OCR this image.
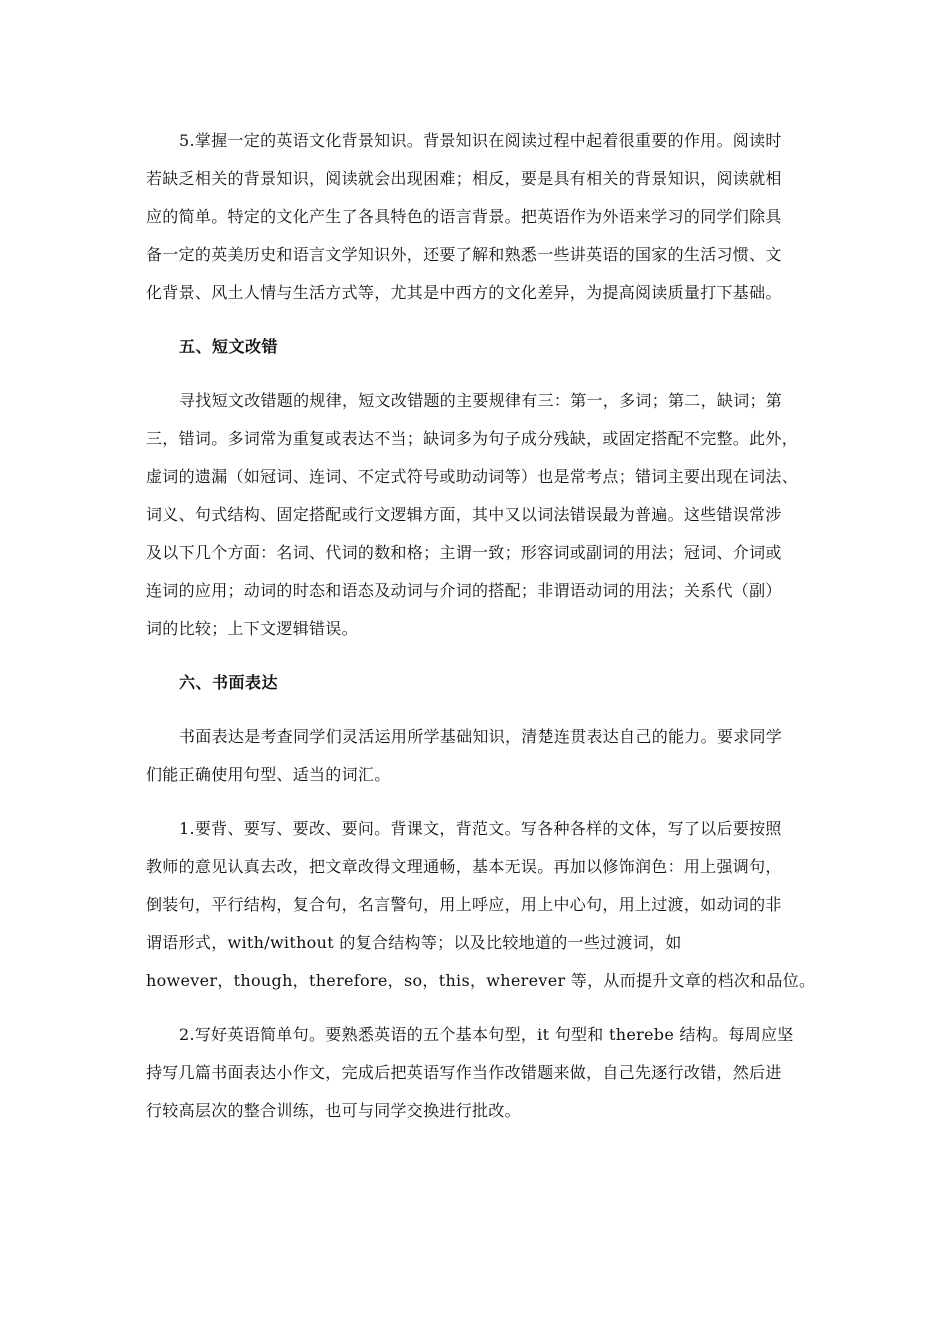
5.掌握一定的英语文化背景知识。背景知识在阅读过程中起着很重要的作用。阅读时
若缺乏相关的背景知识，阅读就会出现困难；相反，要是具有相关的背景知识，阅读就相
应的简单。特定的文化产生了各具特色的语言背景。把英语作为外语来学习的同学们除具
备一定的英美历史和语言文学知识外，还要了解和熟悉一些讲英语的国家的生活习惯、文
化背景、风土人情与生活方式等，尤其是中西方的文化差异，为提高阅读质量打下基础。

五、短文改错

寻找短文改错题的规律，短文改错题的主要规律有三：第一，多词；第二，缺词；第
三，错词。多词常为重复或表达不当；缺词多为句子成分残缺，或固定搭配不完整。此外，
虚词的遗漏（如冠词、连词、不定式符号或助动词等）也是常考点；错词主要出现在词法、
词义、句式结构、固定搭配或行文逻辑方面，其中又以词法错误最为普遍。这些错误常涉
及以下几个方面：名词、代词的数和格；主谓一致；形容词或副词的用法；冠词、介词或
连词的应用；动词的时态和语态及动词与介词的搭配；非谓语动词的用法；关系代（副）
词的比较；上下文逻辑错误。

六、书面表达

书面表达是考查同学们灵活运用所学基础知识，清楚连贯表达自己的能力。要求同学
们能正确使用句型、适当的词汇。

1.要背、要写、要改、要问。背课文，背范文。写各种各样的文体，写了以后要按照
教师的意见认真去改，把文章改得文理通畅，基本无误。再加以修饰润色：用上强调句，
倒装句，平行结构，复合句，名言警句，用上呼应，用上中心句，用上过渡，如动词的非
谓语形式，with/without 的复合结构等；以及比较地道的一些过渡词，如
however，though，therefore，so，this，wherever 等，从而提升文章的档次和品位。

2.写好英语简单句。要熟悉英语的五个基本句型，it 句型和 therebe 结构。每周应坚
持写几篇书面表达小作文，完成后把英语写作当作改错题来做，自己先逐行改错，然后进
行较高层次的整合训练，也可与同学交换进行批改。
